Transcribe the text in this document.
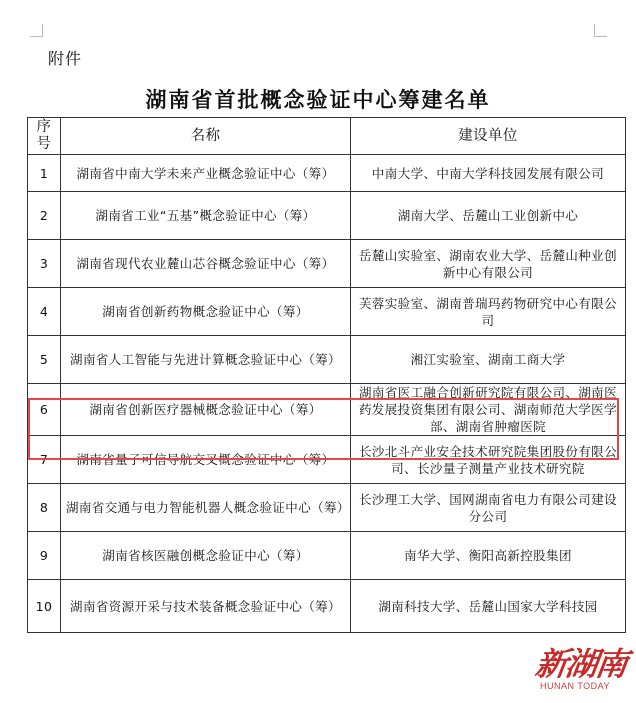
附件
湖南省首批概念验证中心筹建名单
序号	名称	建设单位
1	湖南省中南大学未来产业概念验证中心（筹）	中南大学、中南大学科技园发展有限公司
2	湖南省工业“五基”概念验证中心（筹）	湖南大学、岳麓山工业创新中心
3	湖南省现代农业麓山芯谷概念验证中心（筹）	岳麓山实验室、湖南农业大学、岳麓山种业创新中心有限公司
4	湖南省创新药物概念验证中心（筹）	芙蓉实验室、湖南普瑞玛药物研究中心有限公司
5	湖南省人工智能与先进计算概念验证中心（筹）	湘江实验室、湖南工商大学
6	湖南省创新医疗器械概念验证中心（筹）	湖南省医工融合创新研究院有限公司、湖南医药发展投资集团有限公司、湖南师范大学医学部、湖南省肿瘤医院
7	湖南省量子可信导航交叉概念验证中心（筹）	长沙北斗产业安全技术研究院集团股份有限公司、长沙量子测量产业技术研究院
8	湖南省交通与电力智能机器人概念验证中心（筹）	长沙理工大学、国网湖南省电力有限公司建设分公司
9	湖南省核医融创概念验证中心（筹）	南华大学、衡阳高新控股集团
10	湖南省资源开采与技术装备概念验证中心（筹）	湖南科技大学、岳麓山国家大学科技园
新湖南
HUNAN TODAY
